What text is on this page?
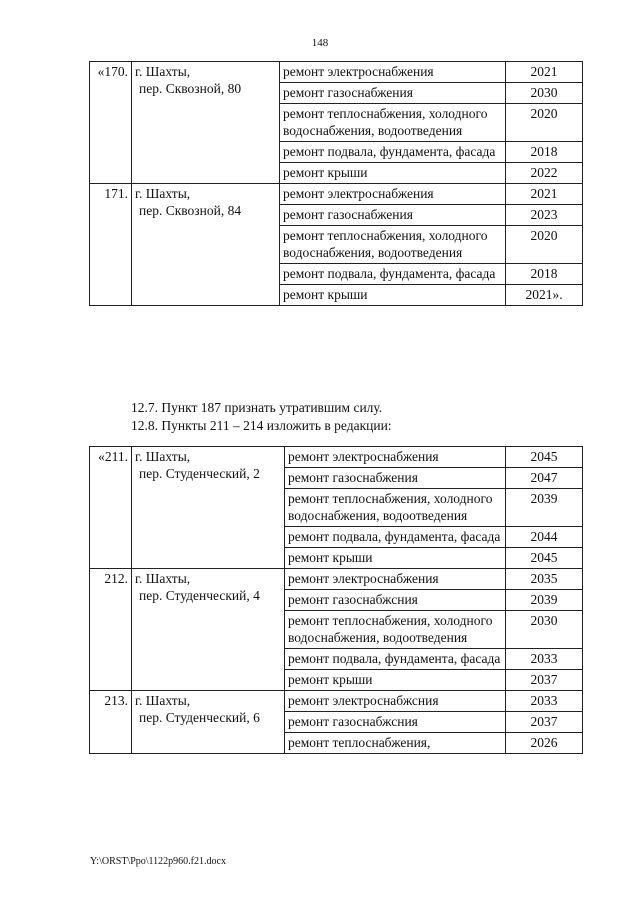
148
«170.	г. Шахты,
пер. Сквозной, 80	ремонт электроснабжения	2021
		ремонт газоснабжения	2030
		ремонт теплоснабжения, холодного водоснабжения, водоотведения	2020
		ремонт подвала, фундамента, фасада	2018
		ремонт крыши	2022
171.	г. Шахты,
пер. Сквозной, 84	ремонт электроснабжения	2021
		ремонт газоснабжения	2023
		ремонт теплоснабжения, холодного водоснабжения, водоотведения	2020
		ремонт подвала, фундамента, фасада	2018
		ремонт крыши	2021».
12.7. Пункт 187 признать утратившим силу.
12.8. Пункты 211 – 214 изложить в редакции:
«211.	г. Шахты,
пер. Студенческий, 2	ремонт электроснабжения	2045
		ремонт газоснабжения	2047
		ремонт теплоснабжения, холодного водоснабжения, водоотведения	2039
		ремонт подвала, фундамента, фасада	2044
		ремонт крыши	2045
212.	г. Шахты,
пер. Студенческий, 4	ремонт электроснабжения	2035
		ремонт газоснабжсния	2039
		ремонт теплоснабжения, холодного водоснабжения, водоотведения	2030
		ремонт подвала, фундамента, фасада	2033
		ремонт крыши	2037
213.	г. Шахты,
пер. Студенческий, 6	ремонт электроснабжсния	2033
		ремонт газоснабжсния	2037
		ремонт теплоснабжения,	2026
Y:\ORST\Ppo\1122p960.f21.docx
